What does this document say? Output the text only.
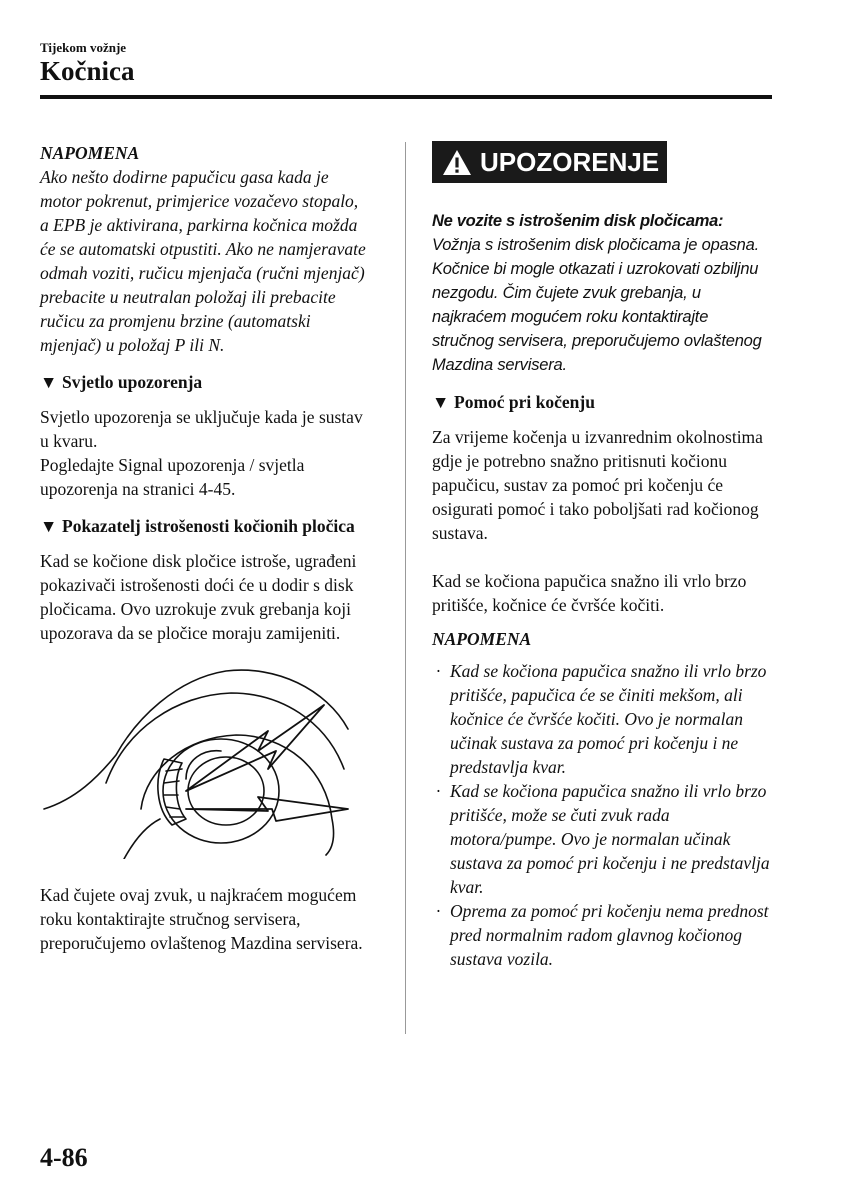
Tijekom vožnje
Kočnica

NAPOMENA

Ako nešto dodirne papučicu gasa kada je motor pokrenut, primjerice vozačevo stopalo, a EPB je aktivirana, parkirna kočnica možda će se automatski otpustiti. Ako ne namjeravate odmah voziti, ručicu mjenjača (ručni mjenjač) prebacite u neutralan položaj ili prebacite ručicu za promjenu brzine (automatski mjenjač) u položaj P ili N.

▼ Svjetlo upozorenja

Svjetlo upozorenja se uključuje kada je sustav u kvaru.

Pogledajte Signal upozorenja / svjetla upozorenja na stranici 4-45.

▼ Pokazatelj istrošenosti kočionih pločica

Kad se kočione disk pločice istroše, ugrađeni pokazivači istrošenosti doći će u dodir s disk pločicama. Ovo uzrokuje zvuk grebanja koji upozorava da se pločice moraju zamijeniti.

Kad čujete ovaj zvuk, u najkraćem mogućem roku kontaktirajte stručnog servisera, preporučujemo ovlaštenog Mazdina servisera.

UPOZORENJE

Ne vozite s istrošenim disk pločicama:

Vožnja s istrošenim disk pločicama je opasna. Kočnice bi mogle otkazati i uzrokovati ozbiljnu nezgodu. Čim čujete zvuk grebanja, u najkraćem mogućem roku kontaktirajte stručnog servisera, preporučujemo ovlaštenog Mazdina servisera.

▼ Pomoć pri kočenju

Za vrijeme kočenja u izvanrednim okolnostima gdje je potrebno snažno pritisnuti kočionu papučicu, sustav za pomoć pri kočenju će osigurati pomoć i tako poboljšati rad kočionog sustava.

Kad se kočiona papučica snažno ili vrlo brzo pritišće, kočnice će čvršće kočiti.

NAPOMENA

· Kad se kočiona papučica snažno ili vrlo brzo pritišće, papučica će se činiti mekšom, ali kočnice će čvršće kočiti. Ovo je normalan učinak sustava za pomoć pri kočenju i ne predstavlja kvar.
· Kad se kočiona papučica snažno ili vrlo brzo pritišće, može se čuti zvuk rada motora/pumpe. Ovo je normalan učinak sustava za pomoć pri kočenju i ne predstavlja kvar.
· Oprema za pomoć pri kočenju nema prednost pred normalnim radom glavnog kočionog sustava vozila.
4-86
